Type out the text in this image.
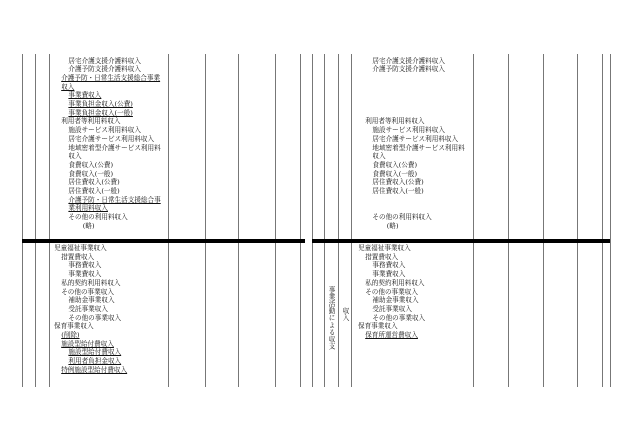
事業活動による収支 収入
居宅介護支援介護料収入
介護予防支援介護料収入
介護予防・日常生活支援総合事業
収入
事業費収入
事業負担金収入(公費)
事業負担金収入(一般)
利用者等利用料収入
施設サービス利用料収入
居宅介護サービス利用料収入
地域密着型介護サービス利用料
収入
食費収入(公費)
食費収入(一般)
居住費収入(公費)
居住費収入(一般)
介護予防・日常生活支援総合事
業利用料収入
その他の利用料収入
(略)
児童福祉事業収入
措置費収入
事務費収入
事業費収入
私的契約利用料収入
その他の事業収入
補助金事業収入
受託事業収入
その他の事業収入
保育事業収入
(削除)
施設型給付費収入
施設型給付費収入
利用者負担金収入
特例施設型給付費収入
居宅介護支援介護料収入
介護予防支援介護料収入
利用者等利用料収入
施設サービス利用料収入
居宅介護サービス利用料収入
地域密着型介護サービス利用料
収入
食費収入(公費)
食費収入(一般)
居住費収入(公費)
居住費収入(一般)
その他の利用料収入
(略)
児童福祉事業収入
措置費収入
事務費収入
事業費収入
私的契約利用料収入
その他の事業収入
補助金事業収入
受託事業収入
その他の事業収入
保育事業収入
保育所運営費収入
